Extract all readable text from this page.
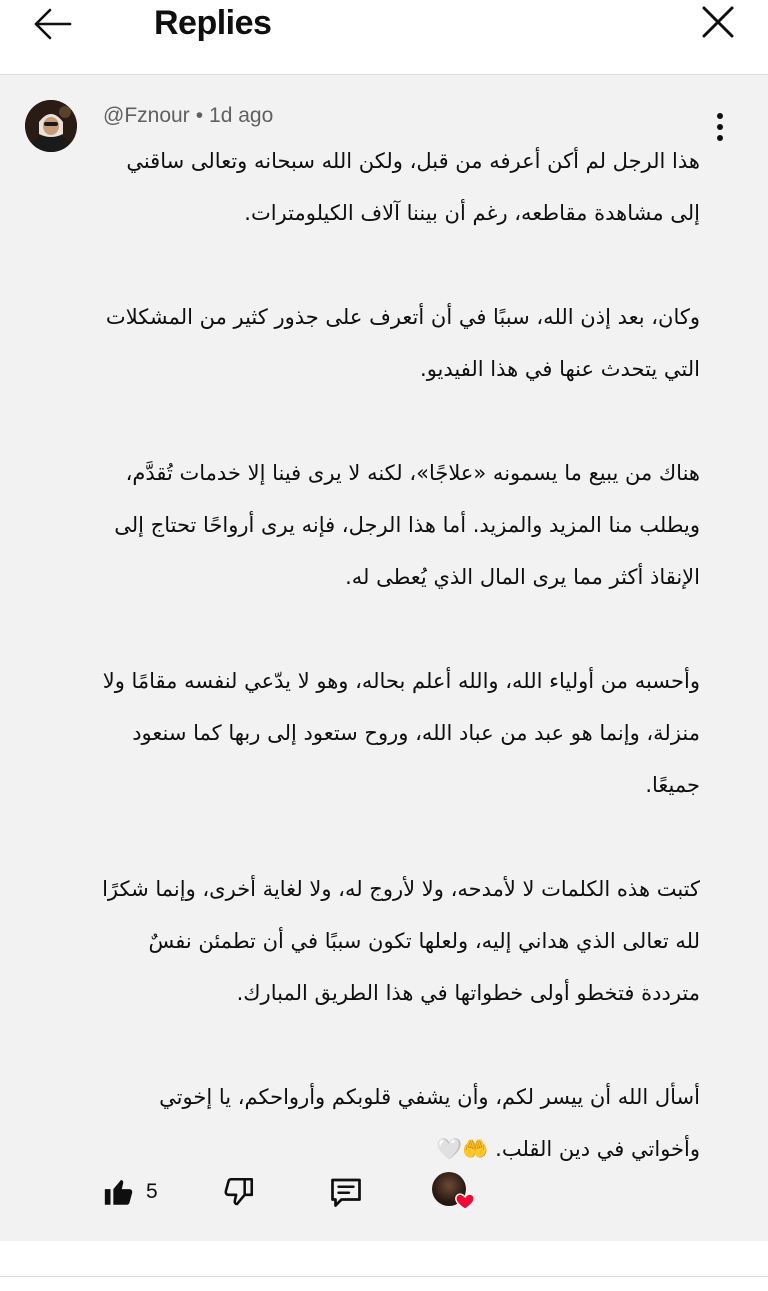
Replies
@Fznour • 1d ago

هذا الرجل لم أكن أعرفه من قبل، ولكن الله سبحانه وتعالى ساقني إلى مشاهدة مقاطعه، رغم أن بيننا آلاف الكيلومترات.

وكان، بعد إذن الله، سببًا في أن أتعرف على جذور كثير من المشكلات التي يتحدث عنها في هذا الفيديو.

هناك من يبيع ما يسمونه «علاجًا»، لكنه لا يرى فينا إلا خدمات تُقدَّم، ويطلب منا المزيد والمزيد. أما هذا الرجل، فإنه يرى أرواحًا تحتاج إلى الإنقاذ أكثر مما يرى المال الذي يُعطى له.

وأحسبه من أولياء الله، والله أعلم بحاله، وهو لا يدّعي لنفسه مقامًا ولا منزلة، وإنما هو عبد من عباد الله، وروح ستعود إلى ربها كما سنعود جميعًا.

كتبت هذه الكلمات لا لأمدحه، ولا لأروج له، ولا لغاية أخرى، وإنما شكرًا لله تعالى الذي هداني إليه، ولعلها تكون سببًا في أن تطمئن نفسٌ مترددة فتخطو أولى خطواتها في هذا الطريق المبارك.

أسأل الله أن ييسر لكم، وأن يشفي قلوبكم وأرواحكم، يا إخوتي وأخواتي في دين القلب. 🤲🤍

5
